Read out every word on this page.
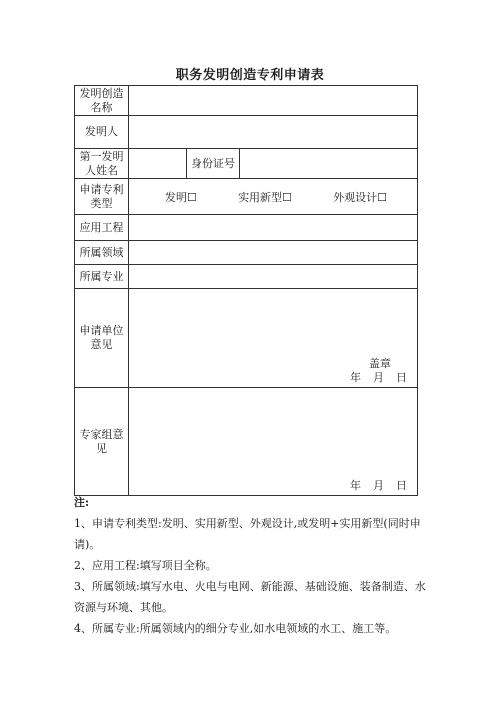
职务发明创造专利申请表
发明创造名称			
发明人			
第一发明人姓名		身份证号	
申请专利类型	发明☐ 实用新型☐ 外观设计☐		

应用工程			
所属领域			
所属专业			
申请单位意见	盖章
年 月 日		

专家组意见	年 月 日		

注:

1、申请专利类型:发明、实用新型、外观设计,或发明+实用新型(同时申请)。

2、应用工程:填写项目全称。

3、所属领域:填写水电、火电与电网、新能源、基础设施、装备制造、水资源与环境、其他。

4、所属专业:所属领域内的细分专业,如水电领域的水工、施工等。
